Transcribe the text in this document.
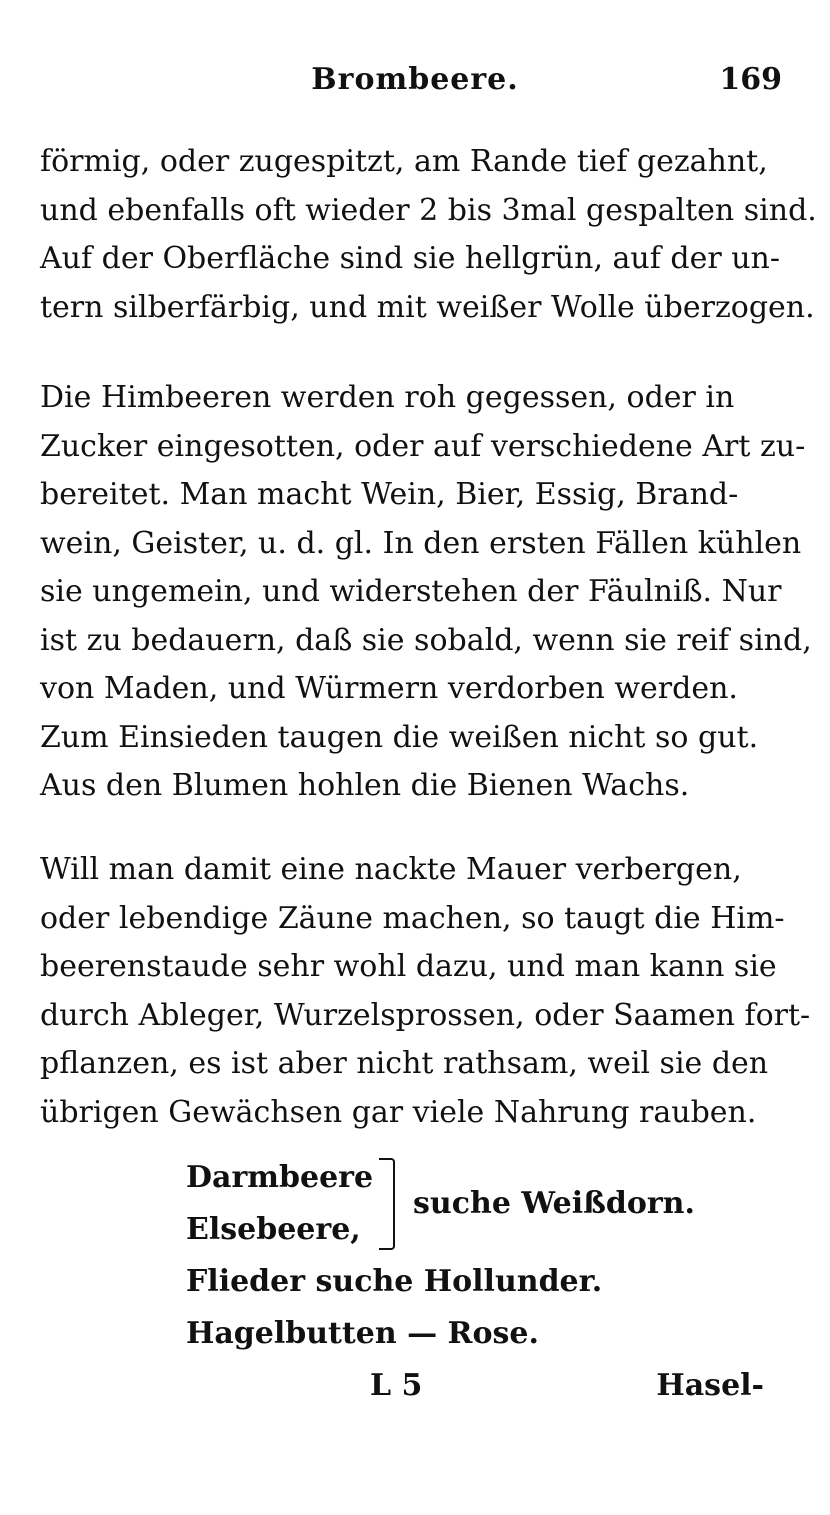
Brombeere.	169
förmig, oder zugespitzt, am Rande tief gezahnt,
und ebenfalls oft wieder 2 bis 3mal gespalten sind.
Auf der Oberfläche sind sie hellgrün, auf der un-
tern silberfärbig, und mit weißer Wolle überzogen.
Die Himbeeren werden roh gegessen, oder in
Zucker eingesotten, oder auf verschiedene Art zu-
bereitet. Man macht Wein, Bier, Essig, Brand-
wein, Geister, u. d. gl. In den ersten Fällen kühlen
sie ungemein, und widerstehen der Fäulniß. Nur
ist zu bedauern, daß sie sobald, wenn sie reif sind,
von Maden, und Würmern verdorben werden.
Zum Einsieden taugen die weißen nicht so gut.
Aus den Blumen hohlen die Bienen Wachs.
Will man damit eine nackte Mauer verbergen,
oder lebendige Zäune machen, so taugt die Him-
beerenstaude sehr wohl dazu, und man kann sie
durch Ableger, Wurzelsprossen, oder Saamen fort-
pflanzen, es ist aber nicht rathsam, weil sie den
übrigen Gewächsen gar viele Nahrung rauben.
Darmbeere
Elsebeere,
suche Weißdorn.
Flieder suche Hollunder.
Hagelbutten — Rose.
L 5	Hasel-
